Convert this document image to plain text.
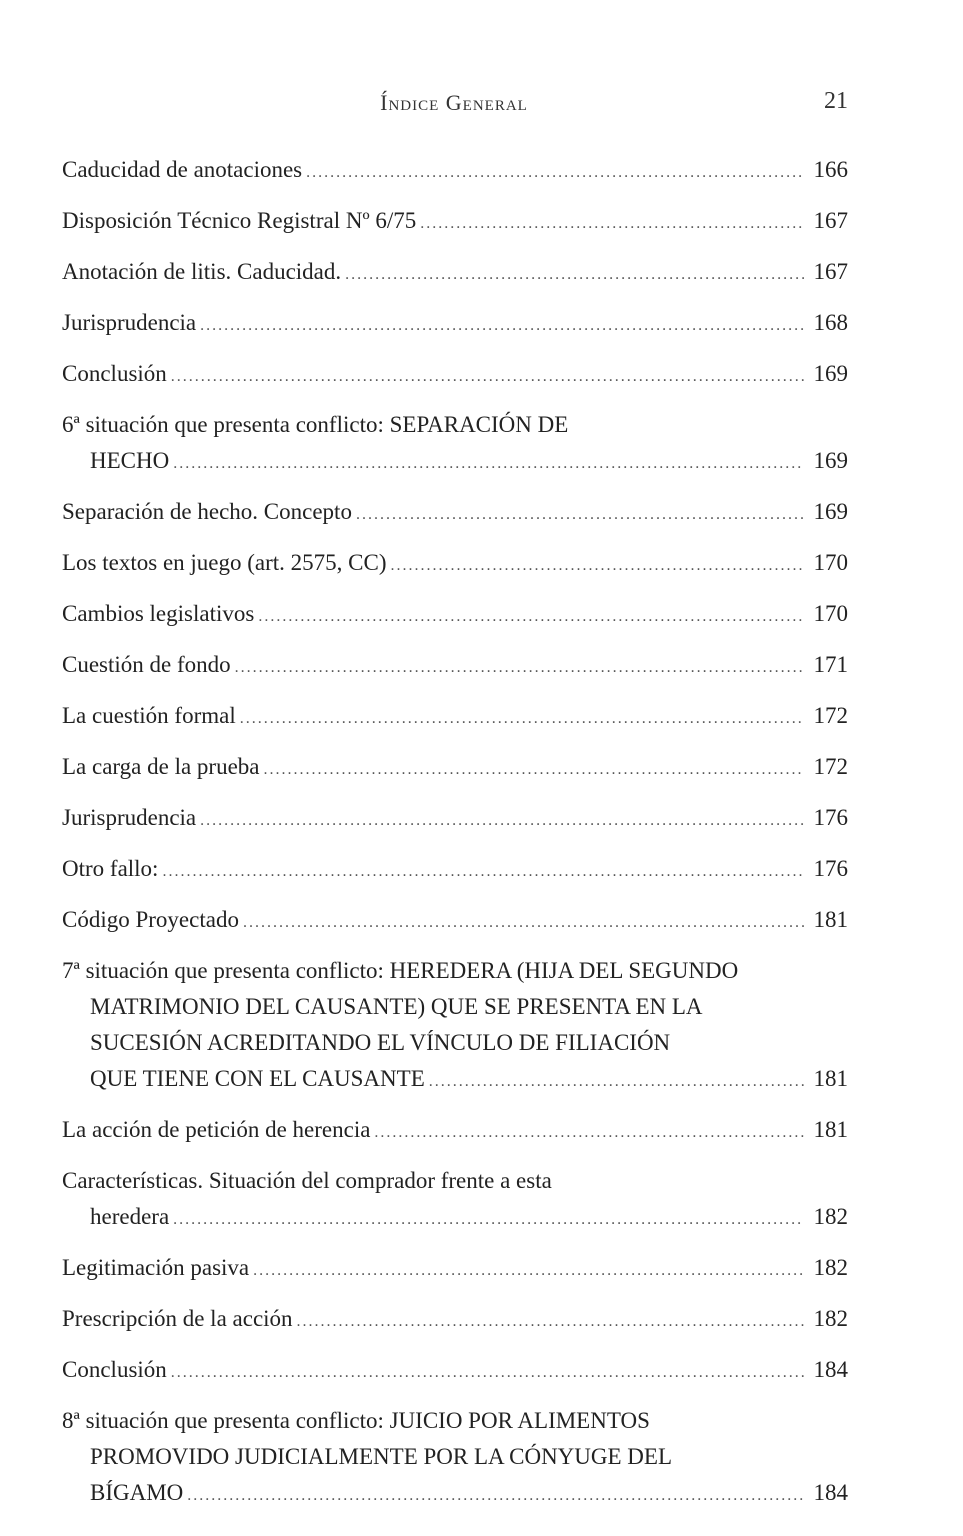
Índice General	21
Caducidad de anotaciones .....	166
Disposición Técnico Registral Nº 6/75 .....	167
Anotación de litis. Caducidad. .....	167
Jurisprudencia .....	168
Conclusión .....	169
6ª situación que presenta conflicto: SEPARACIÓN DE
HECHO .....	169
Separación de hecho. Concepto .....	169
Los textos en juego (art. 2575, CC) .....	170
Cambios legislativos .....	170
Cuestión de fondo .....	171
La cuestión formal .....	172
La carga de la prueba .....	172
Jurisprudencia .....	176
Otro fallo: .....	176
Código Proyectado .....	181
7ª situación que presenta conflicto: HEREDERA (HIJA DEL SEGUNDO
MATRIMONIO DEL CAUSANTE) QUE SE PRESENTA EN LA
SUCESIÓN ACREDITANDO EL VÍNCULO DE FILIACIÓN
QUE TIENE CON EL CAUSANTE .....	181
La acción de petición de herencia .....	181
Características. Situación del comprador frente a esta
heredera .....	182
Legitimación pasiva .....	182
Prescripción de la acción .....	182
Conclusión .....	184
8ª situación que presenta conflicto: JUICIO POR ALIMENTOS
PROMOVIDO JUDICIALMENTE POR LA CÓNYUGE DEL
BÍGAMO .....	184
